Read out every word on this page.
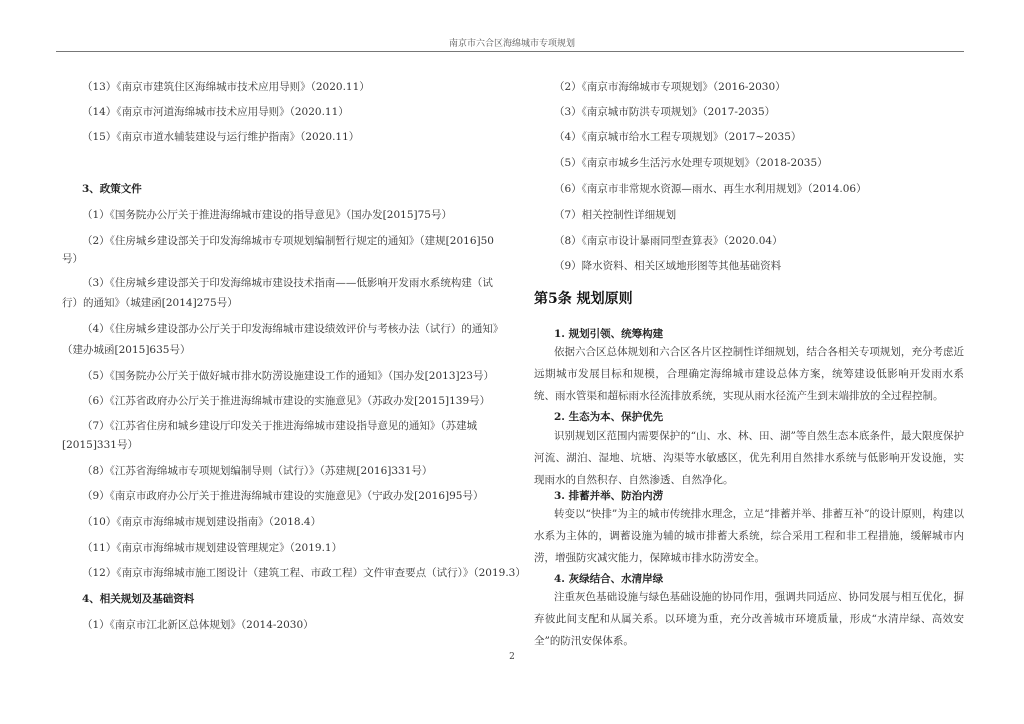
南京市六合区海绵城市专项规划
（13）《南京市建筑住区海绵城市技术应用导则》（2020.11）
（14）《南京市河道海绵城市技术应用导则》（2020.11）
（15）《南京市道水辅装建设与运行维护指南》（2020.11）
3、政策文件
（1）《国务院办公厅关于推进海绵城市建设的指导意见》（国办发[2015]75号）
（2）《住房城乡建设部关于印发海绵城市专项规划编制暂行规定的通知》（建规[2016]50
号）
（3）《住房城乡建设部关于印发海绵城市建设技术指南——低影响开发雨水系统构建（试
行）的通知》（城建函[2014]275号）
（4）《住房城乡建设部办公厅关于印发海绵城市建设绩效评价与考核办法（试行）的通知》
（建办城函[2015]635号）
（5）《国务院办公厅关于做好城市排水防涝设施建设工作的通知》（国办发[2013]23号）
（6）《江苏省政府办公厅关于推进海绵城市建设的实施意见》（苏政办发[2015]139号）
（7）《江苏省住房和城乡建设厅印发关于推进海绵城市建设指导意见的通知》（苏建城
[2015]331号）
（8）《江苏省海绵城市专项规划编制导则（试行）》（苏建规[2016]331号）
（9）《南京市政府办公厅关于推进海绵城市建设的实施意见》（宁政办发[2016]95号）
（10）《南京市海绵城市规划建设指南》（2018.4）
（11）《南京市海绵城市规划建设管理规定》（2019.1）
（12）《南京市海绵城市施工图设计（建筑工程、市政工程）文件审查要点（试行）》（2019.3）
4、相关规划及基础资料
（1）《南京市江北新区总体规划》（2014-2030）
（2）《南京市海绵城市专项规划》（2016-2030）
（3）《南京城市防洪专项规划》（2017-2035）
（4）《南京城市给水工程专项规划》（2017~2035）
（5）《南京市城乡生活污水处理专项规划》（2018-2035）
（6）《南京市非常规水资源—雨水、再生水利用规划》（2014.06）
（7）相关控制性详细规划
（8）《南京市设计暴雨同型查算表》（2020.04）
（9）降水资料、相关区域地形图等其他基础资料
第5条 规划原则
1. 规划引领、统筹构建
依据六合区总体规划和六合区各片区控制性详细规划，结合各相关专项规划，充分考虑近远期城市发展目标和规模，合理确定海绵城市建设总体方案，统筹建设低影响开发雨水系统、雨水管渠和超标雨水径流排放系统，实现从雨水径流产生到末端排放的全过程控制。
2. 生态为本、保护优先
识别规划区范围内需要保护的“山、水、林、田、湖”等自然生态本底条件，最大限度保护河流、湖泊、湿地、坑塘、沟渠等水敏感区，优先利用自然排水系统与低影响开发设施，实现雨水的自然积存、自然渗透、自然净化。
3. 排蓄并举、防治内涝
转变以“快排”为主的城市传统排水理念，立足“排蓄并举、排蓄互补”的设计原则，构建以水系为主体的，调蓄设施为辅的城市排蓄大系统，综合采用工程和非工程措施，缓解城市内涝，增强防灾减灾能力，保障城市排水防涝安全。
4. 灰绿结合、水清岸绿
注重灰色基础设施与绿色基础设施的协同作用，强调共同适应、协同发展与相互优化，摒弃彼此间支配和从属关系。以环境为重，充分改善城市环境质量，形成“水清岸绿、高效安全”的防汛安保体系。
2
